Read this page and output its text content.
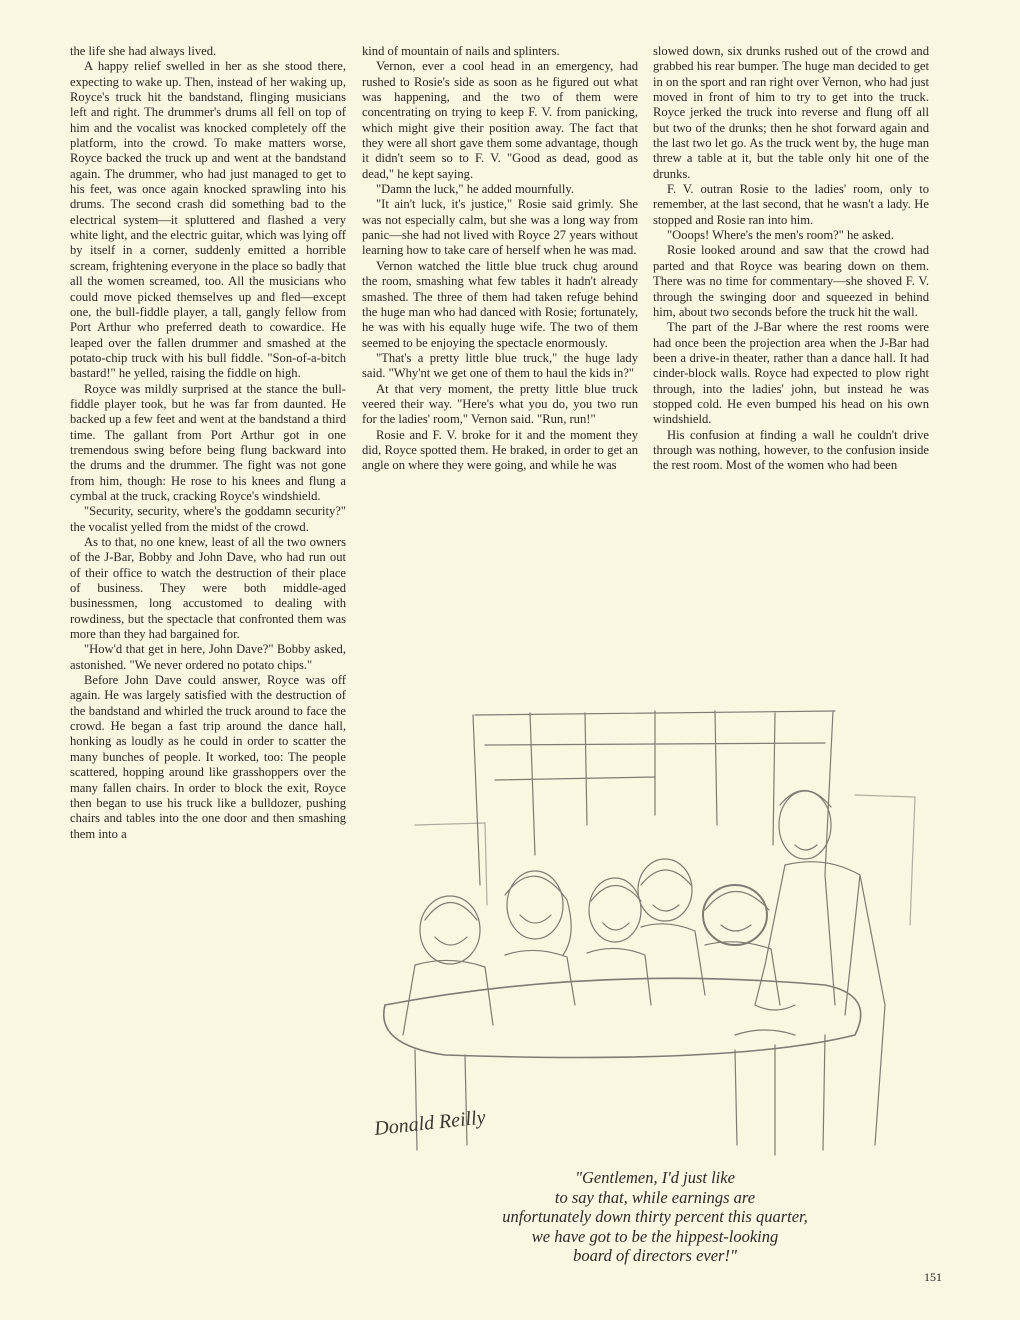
the life she had always lived.

A happy relief swelled in her as she stood there, expecting to wake up. Then, instead of her waking up, Royce's truck hit the bandstand, flinging musicians left and right. The drummer's drums all fell on top of him and the vocalist was knocked completely off the platform, into the crowd. To make matters worse, Royce backed the truck up and went at the bandstand again. The drummer, who had just managed to get to his feet, was once again knocked sprawling into his drums. The second crash did something bad to the electrical system—it spluttered and flashed a very white light, and the electric guitar, which was lying off by itself in a corner, suddenly emitted a horrible scream, frightening everyone in the place so badly that all the women screamed, too. All the musicians who could move picked themselves up and fled—except one, the bull-fiddle player, a tall, gangly fellow from Port Arthur who preferred death to cowardice. He leaped over the fallen drummer and smashed at the potato-chip truck with his bull fiddle. "Son-of-a-bitch bastard!" he yelled, raising the fiddle on high.

Royce was mildly surprised at the stance the bull-fiddle player took, but he was far from daunted. He backed up a few feet and went at the bandstand a third time. The gallant from Port Arthur got in one tremendous swing before being flung backward into the drums and the drummer. The fight was not gone from him, though: He rose to his knees and flung a cymbal at the truck, cracking Royce's windshield.

"Security, security, where's the goddamn security?" the vocalist yelled from the midst of the crowd.

As to that, no one knew, least of all the two owners of the J-Bar, Bobby and John Dave, who had run out of their office to watch the destruction of their place of business. They were both middle-aged businessmen, long accustomed to dealing with rowdiness, but the spectacle that confronted them was more than they had bargained for.

"How'd that get in here, John Dave?" Bobby asked, astonished. "We never ordered no potato chips."

Before John Dave could answer, Royce was off again. He was largely satisfied with the destruction of the bandstand and whirled the truck around to face the crowd. He began a fast trip around the dance hall, honking as loudly as he could in order to scatter the many bunches of people. It worked, too: The people scattered, hopping around like grasshoppers over the many fallen chairs. In order to block the exit, Royce then began to use his truck like a bulldozer, pushing chairs and tables into the one door and then smashing them into a

kind of mountain of nails and splinters.

Vernon, ever a cool head in an emergency, had rushed to Rosie's side as soon as he figured out what was happening, and the two of them were concentrating on trying to keep F. V. from panicking, which might give their position away. The fact that they were all short gave them some advantage, though it didn't seem so to F. V. "Good as dead, good as dead," he kept saying.

"Damn the luck," he added mournfully.

"It ain't luck, it's justice," Rosie said grimly. She was not especially calm, but she was a long way from panic—she had not lived with Royce 27 years without learning how to take care of herself when he was mad.

Vernon watched the little blue truck chug around the room, smashing what few tables it hadn't already smashed. The three of them had taken refuge behind the huge man who had danced with Rosie; fortunately, he was with his equally huge wife. The two of them seemed to be enjoying the spectacle enormously.

"That's a pretty little blue truck," the huge lady said. "Why'nt we get one of them to haul the kids in?"

At that very moment, the pretty little blue truck veered their way. "Here's what you do, you two run for the ladies' room," Vernon said. "Run, run!"

Rosie and F. V. broke for it and the moment they did, Royce spotted them. He braked, in order to get an angle on where they were going, and while he was

slowed down, six drunks rushed out of the crowd and grabbed his rear bumper. The huge man decided to get in on the sport and ran right over Vernon, who had just moved in front of him to try to get into the truck. Royce jerked the truck into reverse and flung off all but two of the drunks; then he shot forward again and the last two let go. As the truck went by, the huge man threw a table at it, but the table only hit one of the drunks.

F. V. outran Rosie to the ladies' room, only to remember, at the last second, that he wasn't a lady. He stopped and Rosie ran into him.

"Ooops! Where's the men's room?" he asked.

Rosie looked around and saw that the crowd had parted and that Royce was bearing down on them. There was no time for commentary—she shoved F. V. through the swinging door and squeezed in behind him, about two seconds before the truck hit the wall.

The part of the J-Bar where the rest rooms were had once been the projection area when the J-Bar had been a drive-in theater, rather than a dance hall. It had cinder-block walls. Royce had expected to plow right through, into the ladies' john, but instead he was stopped cold. He even bumped his head on his own windshield.

His confusion at finding a wall he couldn't drive through was nothing, however, to the confusion inside the rest room. Most of the women who had been

Donald Reilly
"Gentlemen, I'd just like
to say that, while earnings are
unfortunately down thirty percent this quarter,
we have got to be the hippest-looking
board of directors ever!"
151
